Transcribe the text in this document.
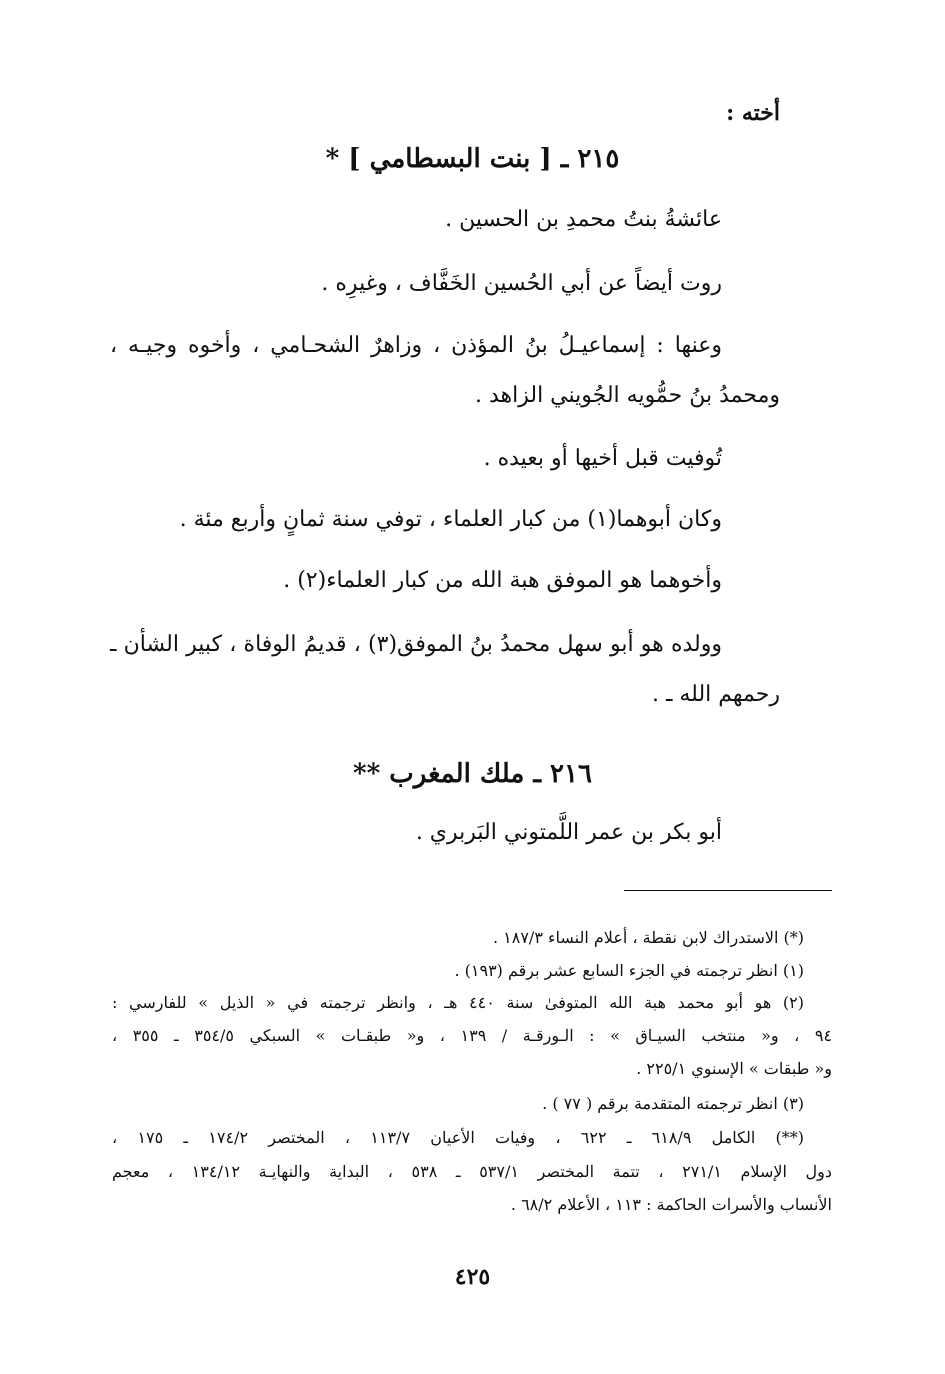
أخته :
٢١٥ ـ [ بنت البسطامي ] *
عائشةُ بنتُ محمدِ بن الحسين .
روت أيضاً عن أبي الحُسين الخَفَّاف ، وغيرِه .
وعنها : إسماعيـلُ بنُ المؤذن ، وزاهرٌ الشحـامي ، وأخوه وجيـه ،
ومحمدُ بنُ حمُّويه الجُويني الزاهد .
تُوفيت قبل أخيها أو بعيده .
وكان أبوهما(١) من كبار العلماء ، توفي سنة ثمانٍ وأربع مئة .
وأخوهما هو الموفق هبة الله من كبار العلماء(٢) .
وولده هو أبو سهل محمدُ بنُ الموفق(٣) ، قديمُ الوفاة ، كبير الشأن ـ
رحمهم الله ـ .
٢١٦ ـ ملك المغرب **
أبو بكر بن عمر اللَّمتوني البَربري .
(*) الاستدراك لابن نقطة ، أعلام النساء ١٨٧/٣ .
(١) انظر ترجمته في الجزء السابع عشر برقم (١٩٣) .
(٢) هو أبو محمد هبة الله المتوفىٰ سنة ٤٤٠ هـ ، وانظر ترجمته في « الذيل » للفارسي :
٩٤ ، و« منتخب السيـاق » : الـورقـة / ١٣٩ ، و« طبقـات » السبكي ٣٥٤/٥ ـ ٣٥٥ ،
و« طبقات » الإسنوي ٢٢٥/١ .
(٣) انظر ترجمته المتقدمة برقم ( ٧٧ ) .
(**) الكامل ٦١٨/٩ ـ ٦٢٢ ، وفيات الأعيان ١١٣/٧ ، المختصر ١٧٤/٢ ـ ١٧٥ ،
دول الإسلام ٢٧١/١ ، تتمة المختصر ٥٣٧/١ ـ ٥٣٨ ، البداية والنهايـة ١٣٤/١٢ ، معجم
الأنساب والأسرات الحاكمة : ١١٣ ، الأعلام ٦٨/٢ .
٤٢٥
